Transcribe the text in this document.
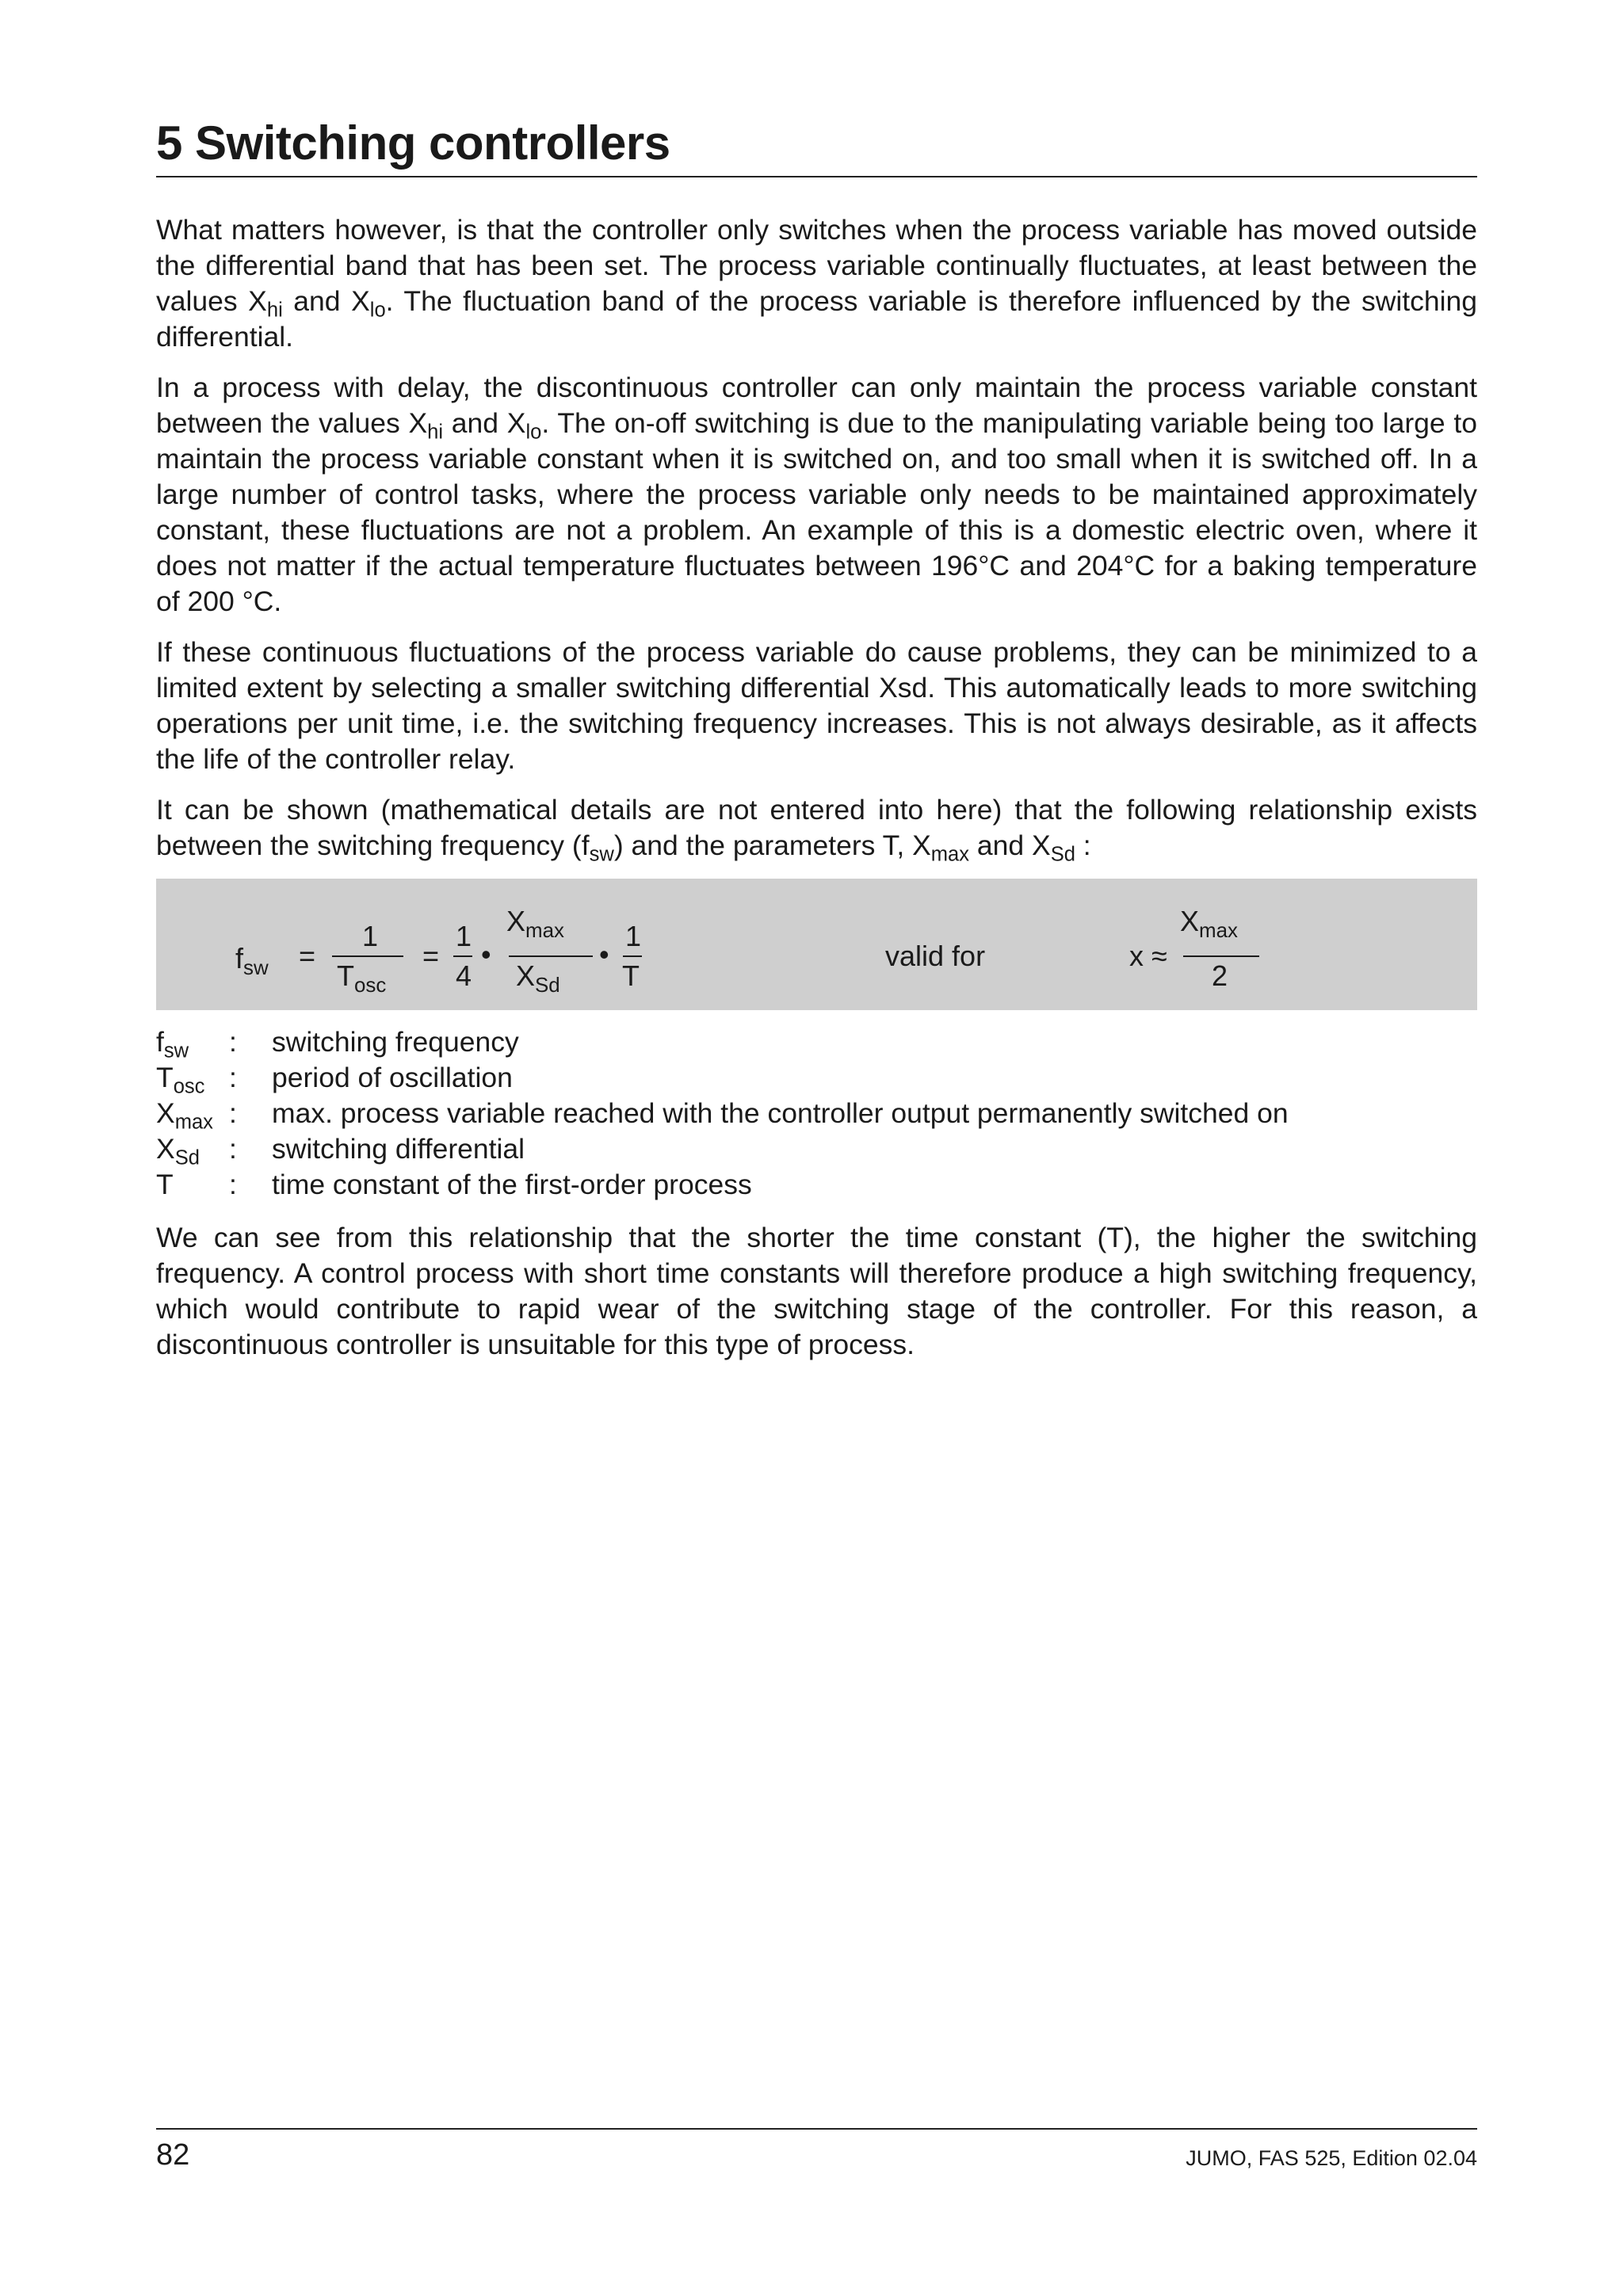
5 Switching controllers

What matters however, is that the controller only switches when the process variable has moved outside the differential band that has been set. The process variable continually fluctuates, at least between the values $X_{hi}$ and $X_{lo}$. The fluctuation band of the process variable is therefore influenced by the switching differential.

In a process with delay, the discontinuous controller can only maintain the process variable constant between the values $X_{hi}$ and $X_{lo}$. The on-off switching is due to the manipulating variable being too large to maintain the process variable constant when it is switched on, and too small when it is switched off. In a large number of control tasks, where the process variable only needs to be maintained approximately constant, these fluctuations are not a problem. An example of this is a domestic electric oven, where it does not matter if the actual temperature fluctuates between 196°C and 204°C for a baking temperature of 200 °C.

If these continuous fluctuations of the process variable do cause problems, they can be minimized to a limited extent by selecting a smaller switching differential Xsd. This automatically leads to more switching operations per unit time, i.e. the switching frequency increases. This is not always desirable, as it affects the life of the controller relay.

It can be shown (mathematical details are not entered into here) that the following relationship exists between the switching frequency $(f_{sw})$ and the parameters T, $X_{max}$ and $X_{Sd}$ :

$f_{sw}$ =
1
$T_{osc}$
=
1
4
•
$X_{max}$
$X_{Sd}$
•
1
T
valid for	x ≈
$X_{max}$
2
$f_{sw}$	:	switching frequency
$T_{osc}$ :	period of oscillation
$X_{max}$ :	max. process variable reached with the controller output permanently switched on
$X_{Sd}$	:	switching differential
T	:	time constant of the first-order process

We can see from this relationship that the shorter the time constant (T), the higher the switching frequency. A control process with short time constants will therefore produce a high switching frequency, which would contribute to rapid wear of the switching stage of the controller. For this reason, a discontinuous controller is unsuitable for this type of process.

82	JUMO, FAS 525, Edition 02.04
